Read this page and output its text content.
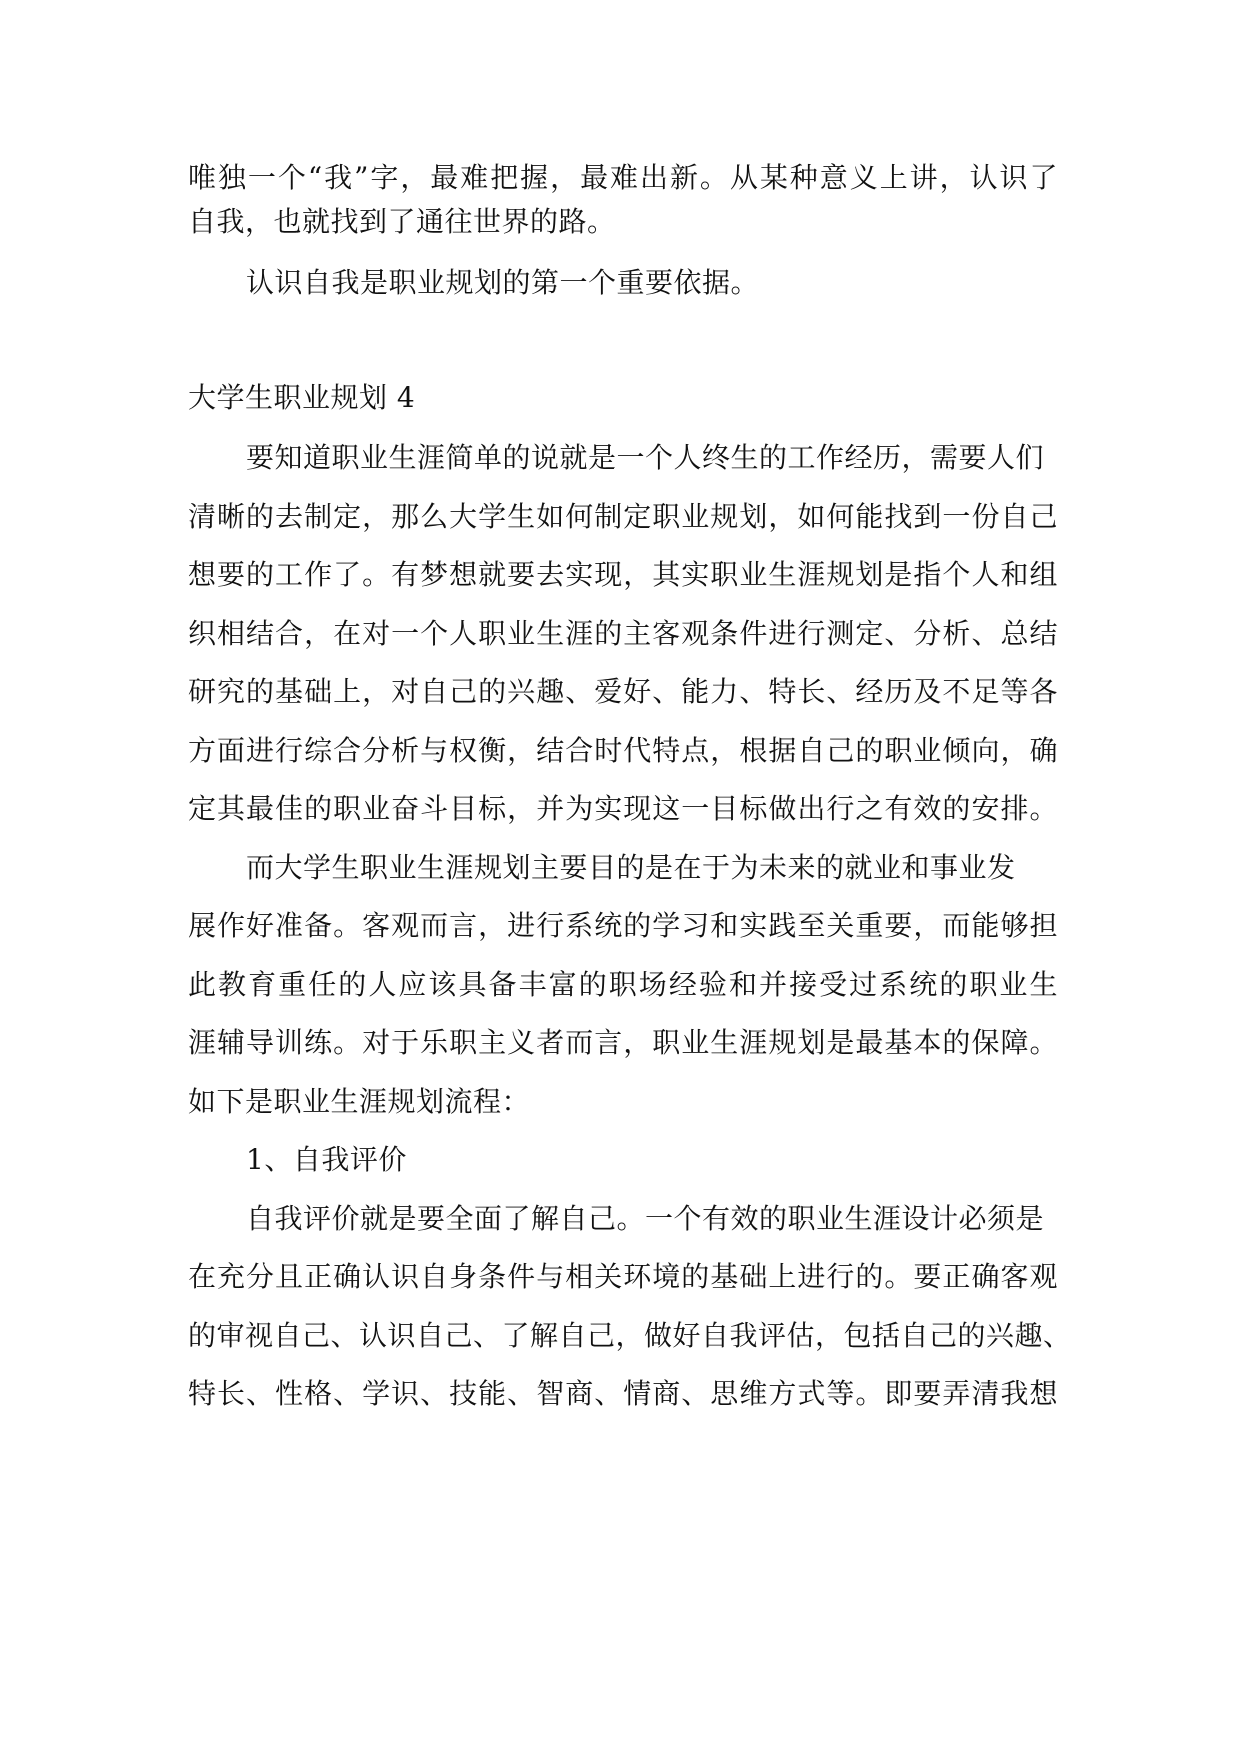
唯独一个“我”字，最难把握，最难出新。从某种意义上讲，认识了
自我，也就找到了通往世界的路。
认识自我是职业规划的第一个重要依据。
大学生职业规划 4
要知道职业生涯简单的说就是一个人终生的工作经历，需要人们
清晰的去制定，那么大学生如何制定职业规划，如何能找到一份自己
想要的工作了。有梦想就要去实现，其实职业生涯规划是指个人和组
织相结合，在对一个人职业生涯的主客观条件进行测定、分析、总结
研究的基础上，对自己的兴趣、爱好、能力、特长、经历及不足等各
方面进行综合分析与权衡，结合时代特点，根据自己的职业倾向，确
定其最佳的职业奋斗目标，并为实现这一目标做出行之有效的安排。
而大学生职业生涯规划主要目的是在于为未来的就业和事业发
展作好准备。客观而言，进行系统的学习和实践至关重要，而能够担
此教育重任的人应该具备丰富的职场经验和并接受过系统的职业生
涯辅导训练。对于乐职主义者而言，职业生涯规划是最基本的保障。
如下是职业生涯规划流程：
1、自我评价
自我评价就是要全面了解自己。一个有效的职业生涯设计必须是
在充分且正确认识自身条件与相关环境的基础上进行的。要正确客观
的审视自己、认识自己、了解自己，做好自我评估，包括自己的兴趣、
特长、性格、学识、技能、智商、情商、思维方式等。即要弄清我想
